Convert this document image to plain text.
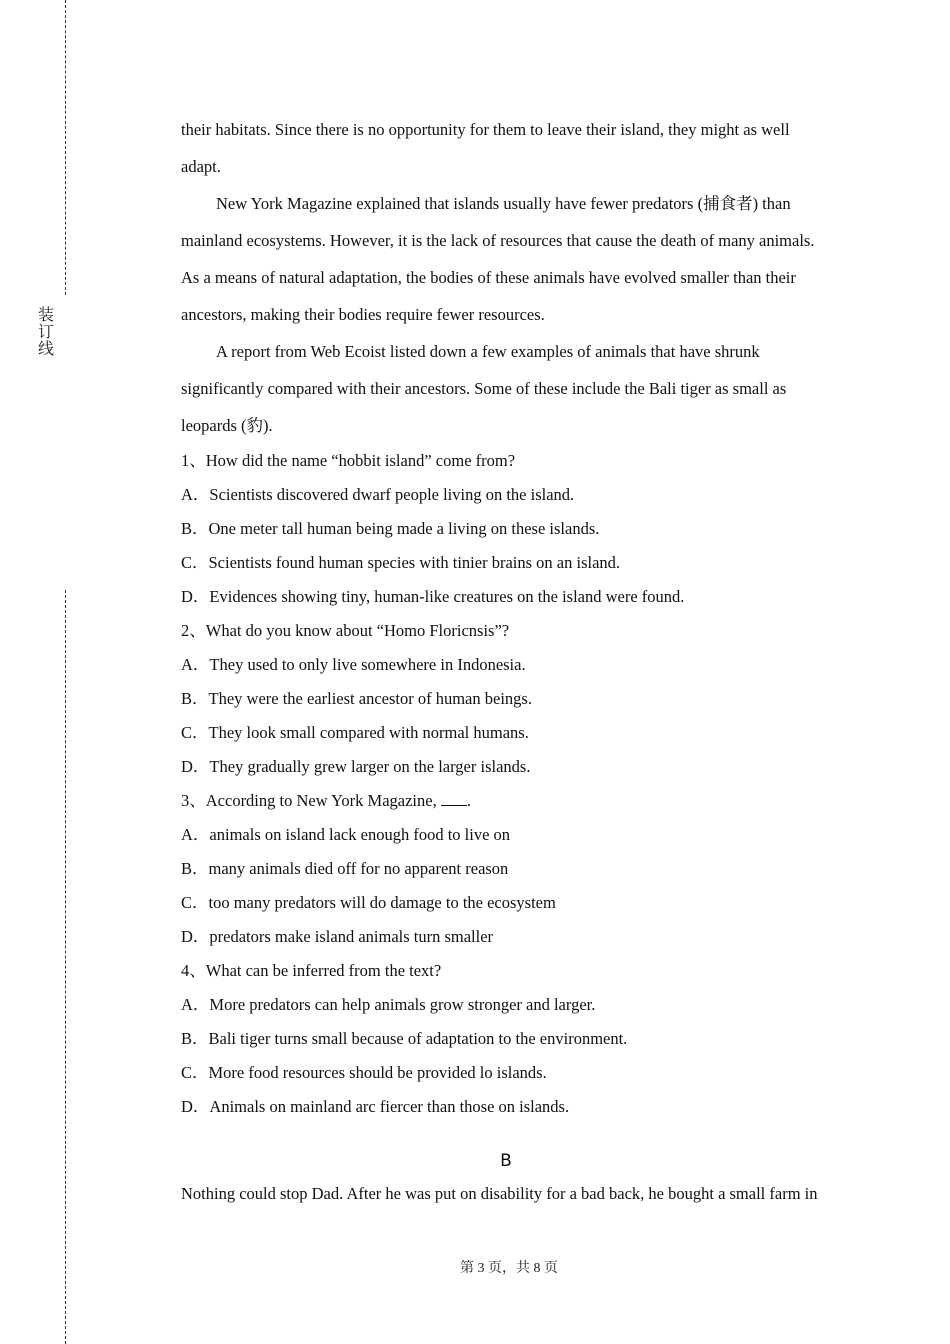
装
订
线

their habitats. Since there is no opportunity for them to leave their island, they might as well adapt.

New York Magazine explained that islands usually have fewer predators (捕食者) than mainland ecosystems. However, it is the lack of resources that cause the death of many animals. As a means of natural adaptation, the bodies of these animals have evolved smaller than their ancestors, making their bodies require fewer resources.

A report from Web Ecoist listed down a few examples of animals that have shrunk significantly compared with their ancestors. Some of these include the Bali tiger as small as leopards (豹).

1、How did the name “hobbit island” come from?

A．Scientists discovered dwarf people living on the island.

B．One meter tall human being made a living on these islands.

C．Scientists found human species with tinier brains on an island.

D．Evidences showing tiny, human-like creatures on the island were found.

2、What do you know about “Homo Floricnsis”?

A．They used to only live somewhere in Indonesia.

B．They were the earliest ancestor of human beings.

C．They look small compared with normal humans.

D．They gradually grew larger on the larger islands.

3、According to New York Magazine, .

A．animals on island lack enough food to live on

B．many animals died off for no apparent reason

C．too many predators will do damage to the ecosystem

D．predators make island animals turn smaller

4、What can be inferred from the text?

A．More predators can help animals grow stronger and larger.

B．Bali tiger turns small because of adaptation to the environment.

C．More food resources should be provided lo islands.

D．Animals on mainland arc fiercer than those on islands.

B

Nothing could stop Dad. After he was put on disability for a bad back, he bought a small farm in

第 3 页，共 8 页
